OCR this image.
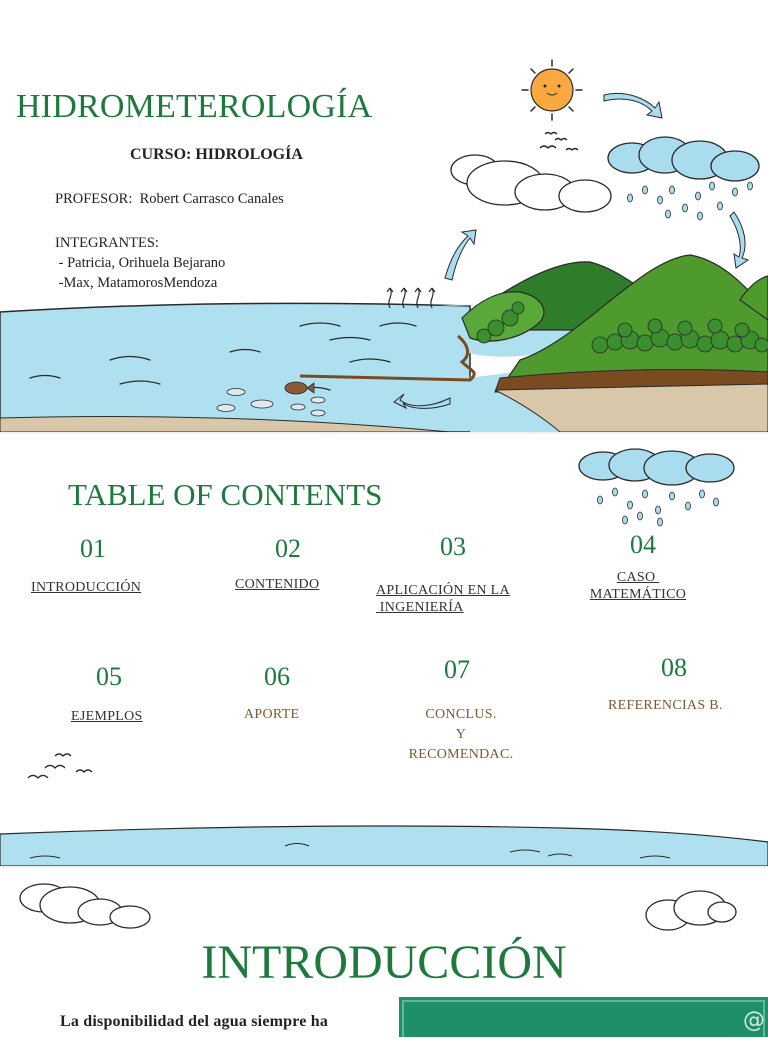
HIDROMETEROLOGÍA
CURSO: HIDROLOGÍA
PROFESOR: Robert Carrasco Canales
INTEGRANTES:
- Patricia, Orihuela Bejarano
-Max, MatamorosMendoza
TABLE OF CONTENTS
01
INTRODUCCIÓN
02
CONTENIDO
03
APLICACIÓN EN LA
INGENIERÍA
04
CASO
MATEMÁTICO
05
EJEMPLOS
06
APORTE
07
CONCLUS.
Y
RECOMENDAC.
08
REFERENCIAS B.
INTRODUCCIÓN
@
La disponibilidad del agua siempre ha
